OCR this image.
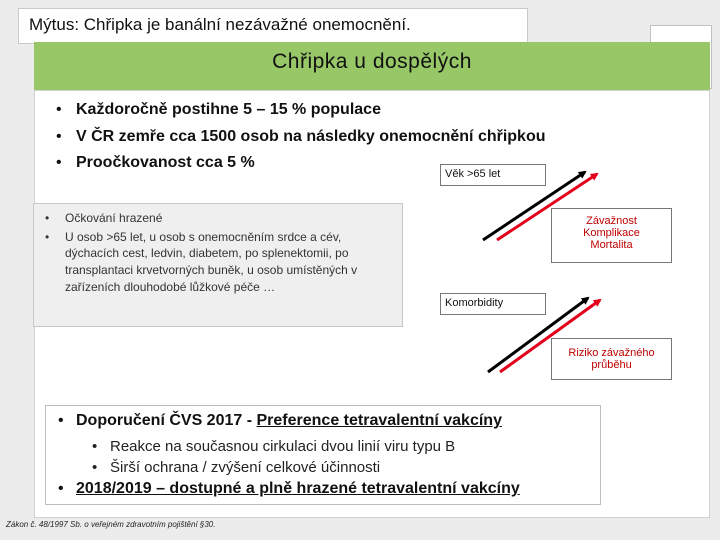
Mýtus: Chřipka je banální nezávažné onemocnění.
Chřipka u dospělých
• Každoročně postihne 5 – 15 % populace
• V ČR zemře cca 1500 osob na následky onemocnění chřipkou
• Proočkovanost cca 5 %
• Očkování hrazené
• U osob >65 let, u osob s onemocněním srdce a cév,
dýchacích cest, ledvin, diabetem, po splenektomii, po transplantaci krvetvorných buněk, u osob umístěných v zařízeních dlouhodobé lůžkové péče …
Věk >65 let
Závažnost
Komplikace
Mortalita
Komorbidity
Riziko závažného
průběhu
• Doporučení ČVS 2017 - Preference tetravalentní vakcíny
• Reakce na současnou cirkulaci dvou linií viru typu B
• Širší ochrana / zvýšení celkové účinnosti
• 2018/2019 – dostupné a plně hrazené tetravalentní vakcíny
Zákon č. 48/1997 Sb. o veřejném zdravotním pojištění §30.
